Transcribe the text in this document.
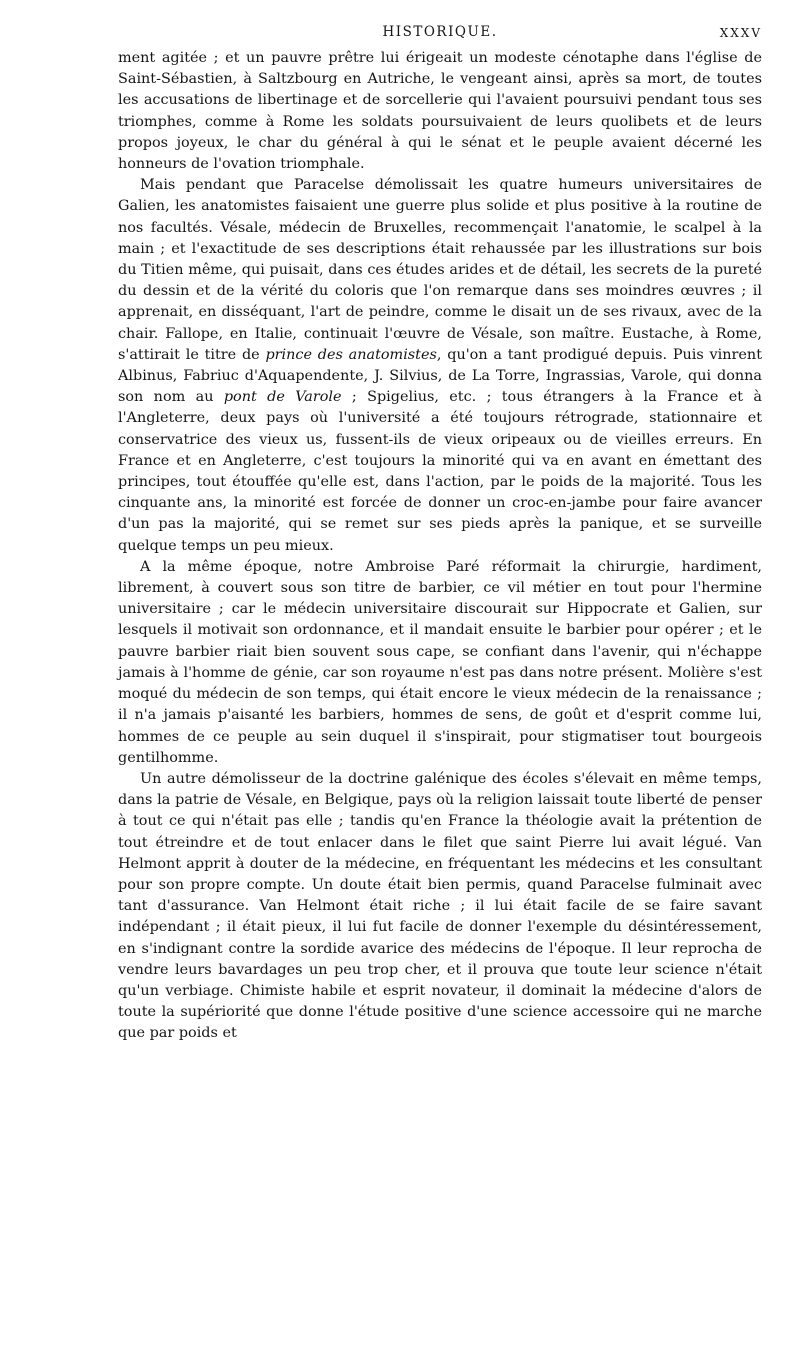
HISTORIQUE.	XXXV

ment agitée ; et un pauvre prêtre lui érigeait un modeste cénotaphe dans l'église de Saint-Sébastien, à Saltzbourg en Autriche, le vengeant ainsi, après sa mort, de toutes les accusations de libertinage et de sorcellerie qui l'avaient poursuivi pendant tous ses triomphes, comme à Rome les soldats poursuivaient de leurs quolibets et de leurs propos joyeux, le char du général à qui le sénat et le peuple avaient décerné les honneurs de l'ovation triomphale.

Mais pendant que Paracelse démolissait les quatre humeurs universitaires de Galien, les anatomistes faisaient une guerre plus solide et plus positive à la routine de nos facultés. Vésale, médecin de Bruxelles, recommençait l'anatomie, le scalpel à la main ; et l'exactitude de ses descriptions était rehaussée par les illustrations sur bois du Titien même, qui puisait, dans ces études arides et de détail, les secrets de la pureté du dessin et de la vérité du coloris que l'on remarque dans ses moindres œuvres ; il apprenait, en disséquant, l'art de peindre, comme le disait un de ses rivaux, avec de la chair. Fallope, en Italie, continuait l'œuvre de Vésale, son maître. Eustache, à Rome, s'attirait le titre de prince des anatomistes, qu'on a tant prodigué depuis. Puis vinrent Albinus, Fabriuc d'Aquapendente, J. Silvius, de La Torre, Ingrassias, Varole, qui donna son nom au pont de Varole ; Spigelius, etc. ; tous étrangers à la France et à l'Angleterre, deux pays où l'université a été toujours rétrograde, stationnaire et conservatrice des vieux us, fussent-ils de vieux oripeaux ou de vieilles erreurs. En France et en Angleterre, c'est toujours la minorité qui va en avant en émettant des principes, tout étouffée qu'elle est, dans l'action, par le poids de la majorité. Tous les cinquante ans, la minorité est forcée de donner un croc-en-jambe pour faire avancer d'un pas la majorité, qui se remet sur ses pieds après la panique, et se surveille quelque temps un peu mieux.

A la même époque, notre Ambroise Paré réformait la chirurgie, hardiment, librement, à couvert sous son titre de barbier, ce vil métier en tout pour l'hermine universitaire ; car le médecin universitaire discourait sur Hippocrate et Galien, sur lesquels il motivait son ordonnance, et il mandait ensuite le barbier pour opérer ; et le pauvre barbier riait bien souvent sous cape, se confiant dans l'avenir, qui n'échappe jamais à l'homme de génie, car son royaume n'est pas dans notre présent. Molière s'est moqué du médecin de son temps, qui était encore le vieux médecin de la renaissance ; il n'a jamais p'aisanté les barbiers, hommes de sens, de goût et d'esprit comme lui, hommes de ce peuple au sein duquel il s'inspirait, pour stigmatiser tout bourgeois gentilhomme.

Un autre démolisseur de la doctrine galénique des écoles s'élevait en même temps, dans la patrie de Vésale, en Belgique, pays où la religion laissait toute liberté de penser à tout ce qui n'était pas elle ; tandis qu'en France la théologie avait la prétention de tout étreindre et de tout enlacer dans le filet que saint Pierre lui avait légué. Van Helmont apprit à douter de la médecine, en fréquentant les médecins et les consultant pour son propre compte. Un doute était bien permis, quand Paracelse fulminait avec tant d'assurance. Van Helmont était riche ; il lui était facile de se faire savant indépendant ; il était pieux, il lui fut facile de donner l'exemple du désintéressement, en s'indignant contre la sordide avarice des médecins de l'époque. Il leur reprocha de vendre leurs bavardages un peu trop cher, et il prouva que toute leur science n'était qu'un verbiage. Chimiste habile et esprit novateur, il dominait la médecine d'alors de toute la supériorité que donne l'étude positive d'une science accessoire qui ne marche que par poids et
